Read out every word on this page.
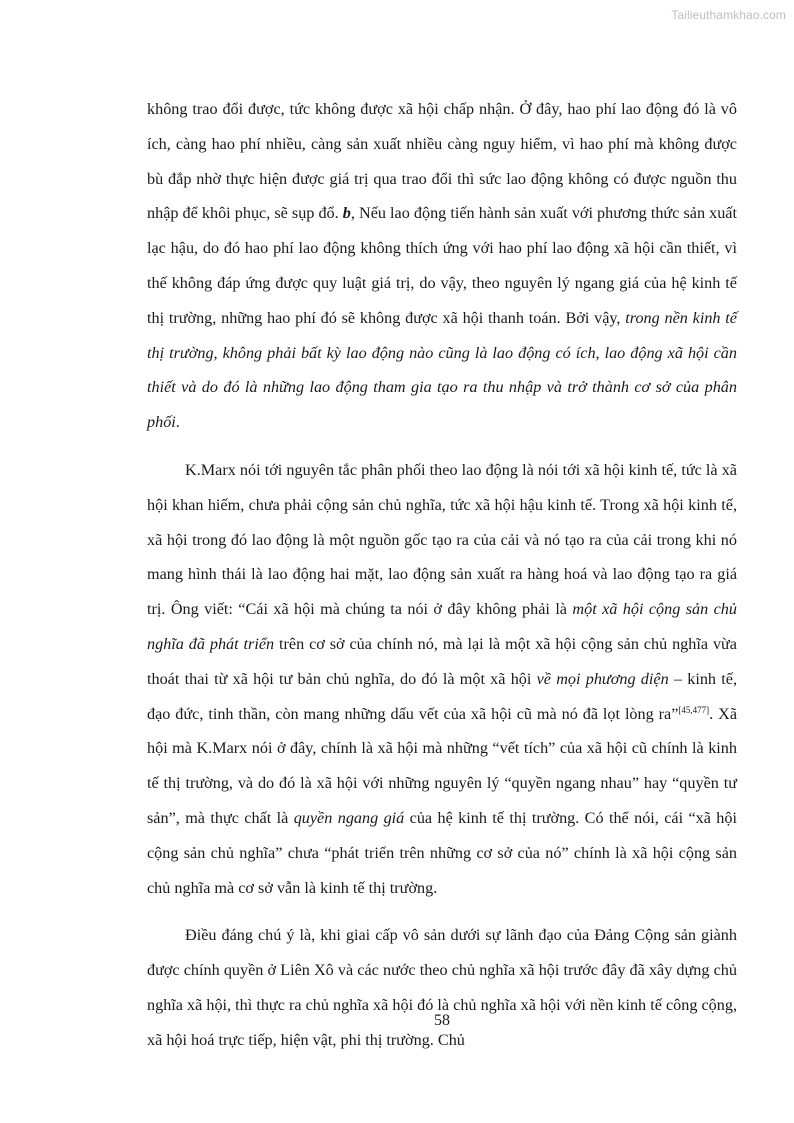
Tailieuthamkhao.com

không trao đổi được, tức không được xã hội chấp nhận. Ở đây, hao phí lao động đó là vô ích, càng hao phí nhiều, càng sản xuất nhiều càng nguy hiểm, vì hao phí mà không được bù đắp nhờ thực hiện được giá trị qua trao đổi thì sức lao động không có được nguồn thu nhập để khôi phục, sẽ sụp đổ. b, Nếu lao động tiến hành sản xuất với phương thức sản xuất lạc hậu, do đó hao phí lao động không thích ứng với hao phí lao động xã hội cần thiết, vì thế không đáp ứng được quy luật giá trị, do vậy, theo nguyên lý ngang giá của hệ kinh tế thị trường, những hao phí đó sẽ không được xã hội thanh toán. Bởi vậy, trong nền kinh tế thị trường, không phải bất kỳ lao động nào cũng là lao động có ích, lao động xã hội cần thiết và do đó là những lao động tham gia tạo ra thu nhập và trở thành cơ sở của phân phối.

K.Marx nói tới nguyên tắc phân phối theo lao động là nói tới xã hội kinh tế, tức là xã hội khan hiếm, chưa phải cộng sản chủ nghĩa, tức xã hội hậu kinh tế. Trong xã hội kinh tế, xã hội trong đó lao động là một nguồn gốc tạo ra của cải và nó tạo ra của cải trong khi nó mang hình thái là lao động hai mặt, lao động sản xuất ra hàng hoá và lao động tạo ra giá trị. Ông viết: “Cái xã hội mà chúng ta nói ở đây không phải là một xã hội cộng sản chủ nghĩa đã phát triển trên cơ sở của chính nó, mà lại là một xã hội cộng sản chủ nghĩa vừa thoát thai từ xã hội tư bản chủ nghĩa, do đó là một xã hội về mọi phương diện – kinh tế, đạo đức, tinh thần, còn mang những dấu vết của xã hội cũ mà nó đã lọt lòng ra”[45,477]. Xã hội mà K.Marx nói ở đây, chính là xã hội mà những “vết tích” của xã hội cũ chính là kinh tế thị trường, và do đó là xã hội với những nguyên lý “quyền ngang nhau” hay “quyền tư sản”, mà thực chất là quyền ngang giá của hệ kinh tế thị trường. Có thể nói, cái “xã hội cộng sản chủ nghĩa” chưa “phát triển trên những cơ sở của nó” chính là xã hội cộng sản chủ nghĩa mà cơ sở vẫn là kinh tế thị trường.

Điều đáng chú ý là, khi giai cấp vô sản dưới sự lãnh đạo của Đảng Cộng sản giành được chính quyền ở Liên Xô và các nước theo chủ nghĩa xã hội trước đây đã xây dựng chủ nghĩa xã hội, thì thực ra chủ nghĩa xã hội đó là chủ nghĩa xã hội với nền kinh tế công cộng, xã hội hoá trực tiếp, hiện vật, phi thị trường. Chủ

58
